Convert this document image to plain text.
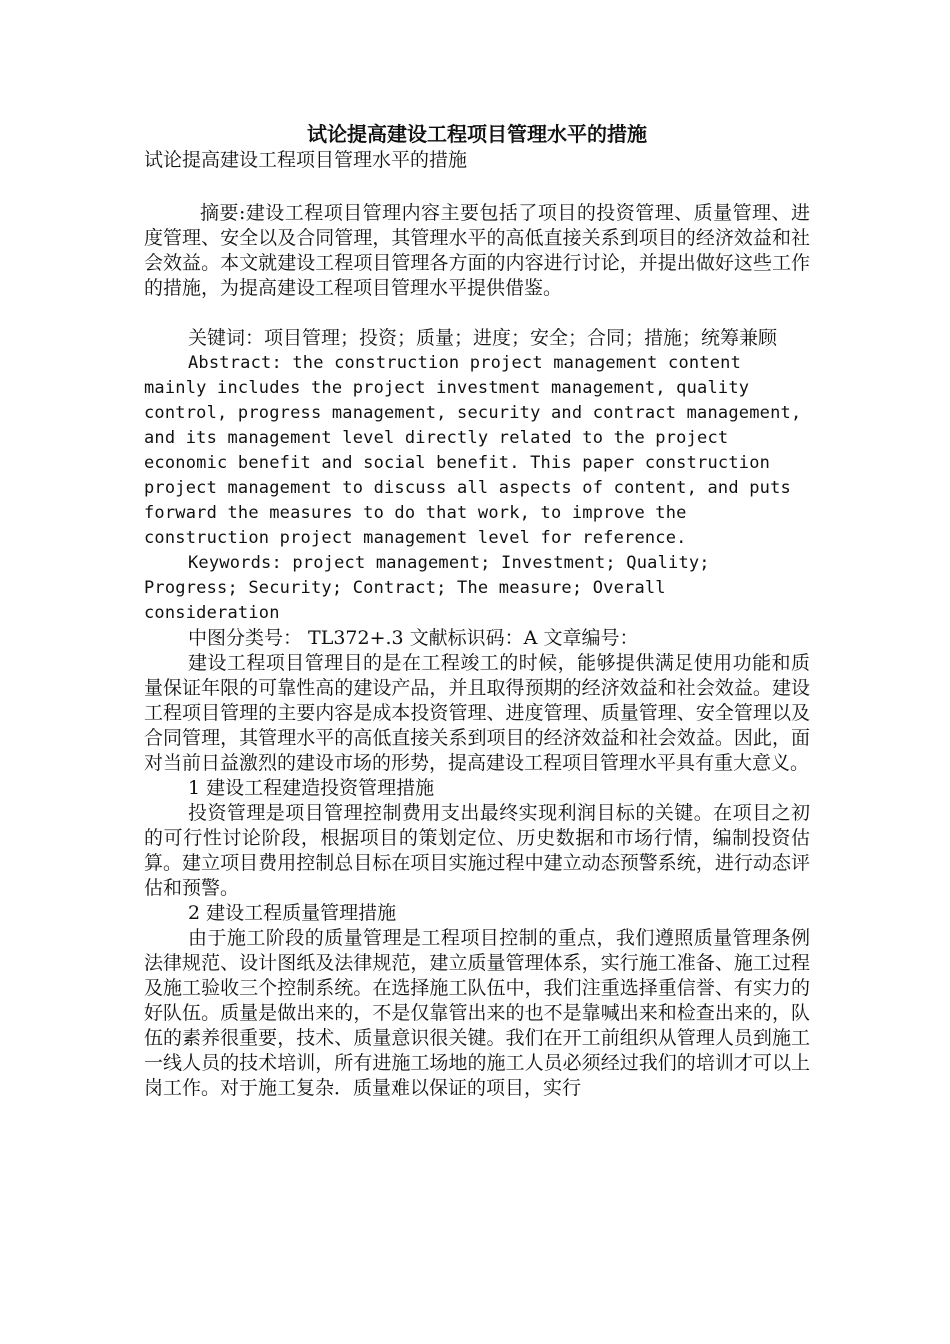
试论提高建设工程项目管理水平的措施
试论提高建设工程项目管理水平的措施

摘要:建设工程项目管理内容主要包括了项目的投资管理、质量管理、进度管理、安全以及合同管理，其管理水平的高低直接关系到项目的经济效益和社会效益。本文就建设工程项目管理各方面的内容进行讨论，并提出做好这些工作的措施，为提高建设工程项目管理水平提供借鉴。

关键词：项目管理；投资；质量；进度；安全；合同；措施；统筹兼顾

Abstract: the construction project management content mainly includes the project investment management, quality control, progress management, security and contract management, and its management level directly related to the project economic benefit and social benefit. This paper construction project management to discuss all aspects of content, and puts forward the measures to do that work, to improve the construction project management level for reference.

Keywords: project management; Investment; Quality; Progress; Security; Contract; The measure; Overall consideration

中图分类号： TL372+.3 文献标识码：A 文章编号：

建设工程项目管理目的是在工程竣工的时候，能够提供满足使用功能和质量保证年限的可靠性高的建设产品，并且取得预期的经济效益和社会效益。建设工程项目管理的主要内容是成本投资管理、进度管理、质量管理、安全管理以及合同管理，其管理水平的高低直接关系到项目的经济效益和社会效益。因此，面对当前日益激烈的建设市场的形势，提高建设工程项目管理水平具有重大意义。

1 建设工程建造投资管理措施

投资管理是项目管理控制费用支出最终实现利润目标的关键。在项目之初的可行性讨论阶段，根据项目的策划定位、历史数据和市场行情，编制投资估算。建立项目费用控制总目标在项目实施过程中建立动态预警系统，进行动态评估和预警。

2 建设工程质量管理措施

由于施工阶段的质量管理是工程项目控制的重点，我们遵照质量管理条例法律规范、设计图纸及法律规范，建立质量管理体系，实行施工准备、施工过程及施工验收三个控制系统。在选择施工队伍中，我们注重选择重信誉、有实力的好队伍。质量是做出来的，不是仅靠管出来的也不是靠喊出来和检查出来的，队伍的素养很重要，技术、质量意识很关键。我们在开工前组织从管理人员到施工一线人员的技术培训，所有进施工场地的施工人员必须经过我们的培训才可以上岗工作。对于施工复杂．质量难以保证的项目，实行
